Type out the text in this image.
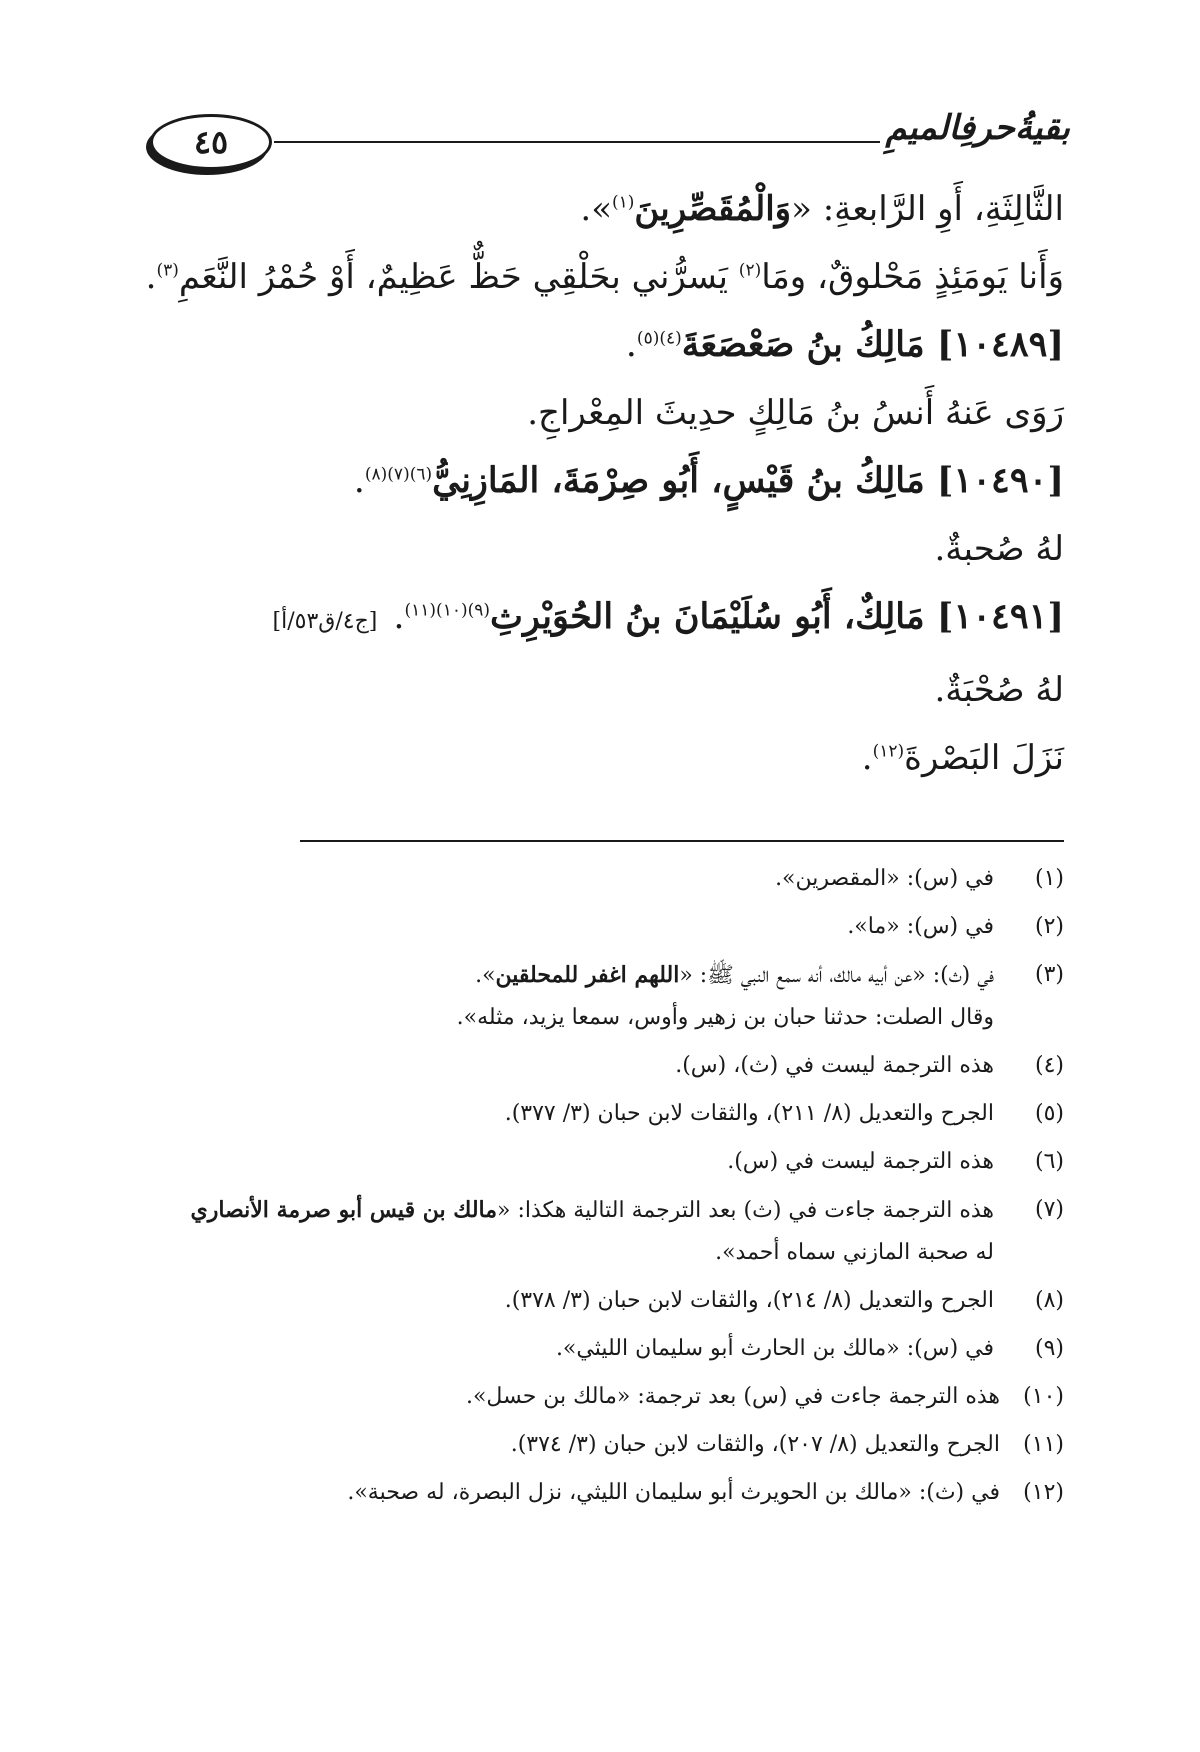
٤٥	بقيةُحرفِالميمِ

الثَّالِثَةِ، أَوِ الرَّابعةِ: «وَالْمُقَصِّرِينَ$^{(١)}$».

وَأَنا يَومَئِذٍ مَحْلوقٌ، ومَا$^{(٢)}$ يَسرُّني بحَلْقِي حَظٌّ عَظِيمٌ، أَوْ حُمْرُ النَّعَمِ$^{(٣)}$.

[١٠٤٨٩] مَالِكُ بنُ صَعْصَعَةَ$^{(٤)(٥)}$.

رَوَى عَنهُ أَنسُ بنُ مَالِكٍ حدِيثَ المِعْراجِ.

[١٠٤٩٠] مَالِكُ بنُ قَيْسٍ، أَبُو صِرْمَةَ، المَازِنِيُّ$^{(٦)(٧)(٨)}$.

لهُ صُحبةٌ.

[١٠٤٩١] مَالِكٌ، أَبُو سُلَيْمَانَ بنُ الحُوَيْرِثِ$^{(٩)(١٠)(١١)}$.[ج٤/ق٥٣/أ]

لهُ صُحْبَةٌ.

نَزَلَ البَصْرةَ$^{(١٢)}$.

(١)
في (س): «المقصرين».

(٢)
في (س): «ما».

(٣)
في (ث): «عن أبيه مالك، أنه سمع النبي ﷺ: «اللهم اغفر للمحلقين».
وقال الصلت: حدثنا حبان بن زهير وأوس، سمعا يزيد، مثله».

(٤)
هذه الترجمة ليست في (ث)، (س).

(٥)
الجرح والتعديل (٨/ ٢١١)، والثقات لابن حبان (٣/ ٣٧٧).

(٦)
هذه الترجمة ليست في (س).

(٧)
هذه الترجمة جاءت في (ث) بعد الترجمة التالية هكذا: «مالك بن قيس أبو صرمة الأنصاري
له صحبة المازني سماه أحمد».

(٨)
الجرح والتعديل (٨/ ٢١٤)، والثقات لابن حبان (٣/ ٣٧٨).

(٩)
في (س): «مالك بن الحارث أبو سليمان الليثي».

(١٠)
هذه الترجمة جاءت في (س) بعد ترجمة: «مالك بن حسل».

(١١)
الجرح والتعديل (٨/ ٢٠٧)، والثقات لابن حبان (٣/ ٣٧٤).

(١٢)
في (ث): «مالك بن الحويرث أبو سليمان الليثي، نزل البصرة، له صحبة».
